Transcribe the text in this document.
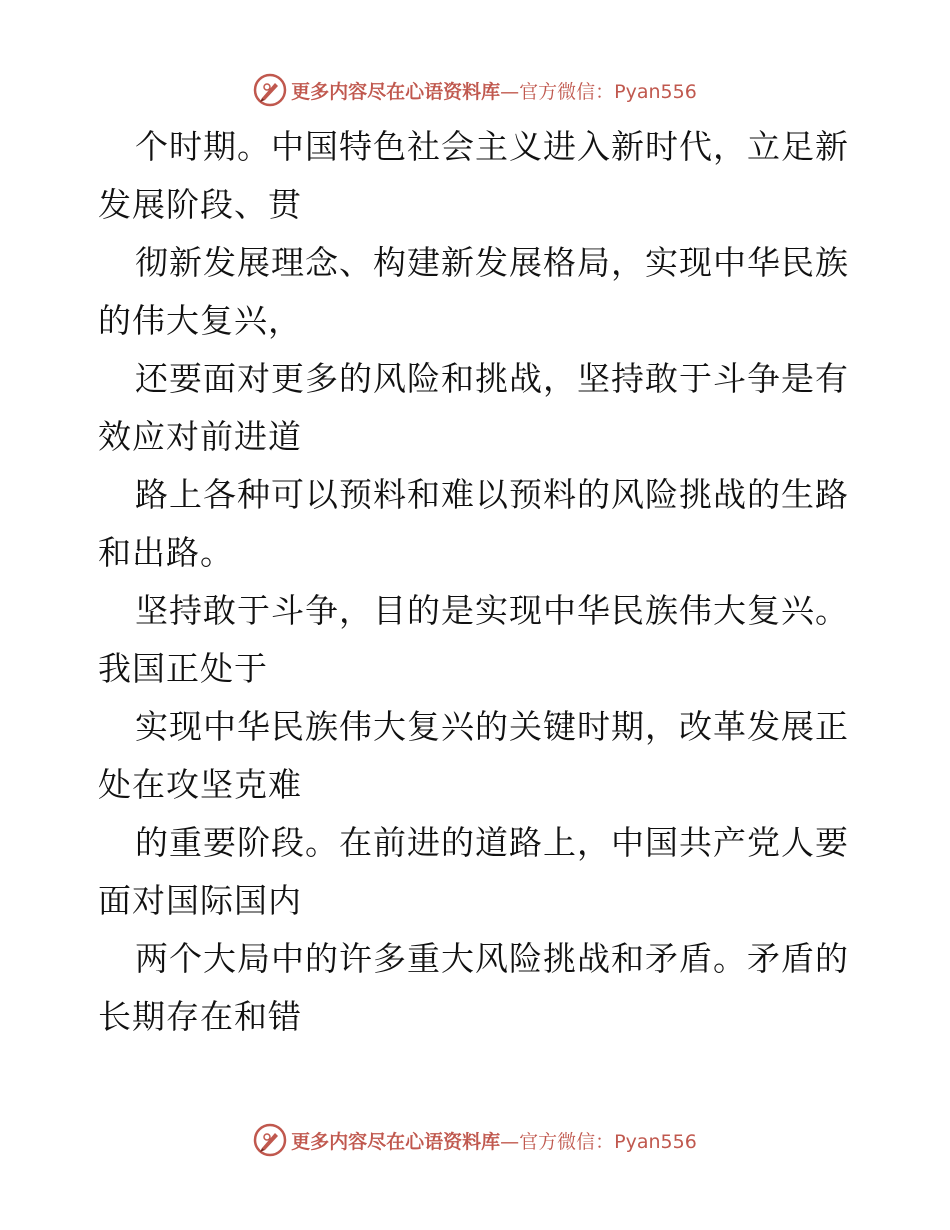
更多内容尽在心语资料库—官方微信：Pyan556
个时期。中国特色社会主义进入新时代，立足新
发展阶段、贯
彻新发展理念、构建新发展格局，实现中华民族
的伟大复兴，
还要面对更多的风险和挑战，坚持敢于斗争是有
效应对前进道
路上各种可以预料和难以预料的风险挑战的生路
和出路。
坚持敢于斗争，目的是实现中华民族伟大复兴。
我国正处于
实现中华民族伟大复兴的关键时期，改革发展正
处在攻坚克难
的重要阶段。在前进的道路上，中国共产党人要
面对国际国内
两个大局中的许多重大风险挑战和矛盾。矛盾的
长期存在和错
更多内容尽在心语资料库—官方微信：Pyan556
